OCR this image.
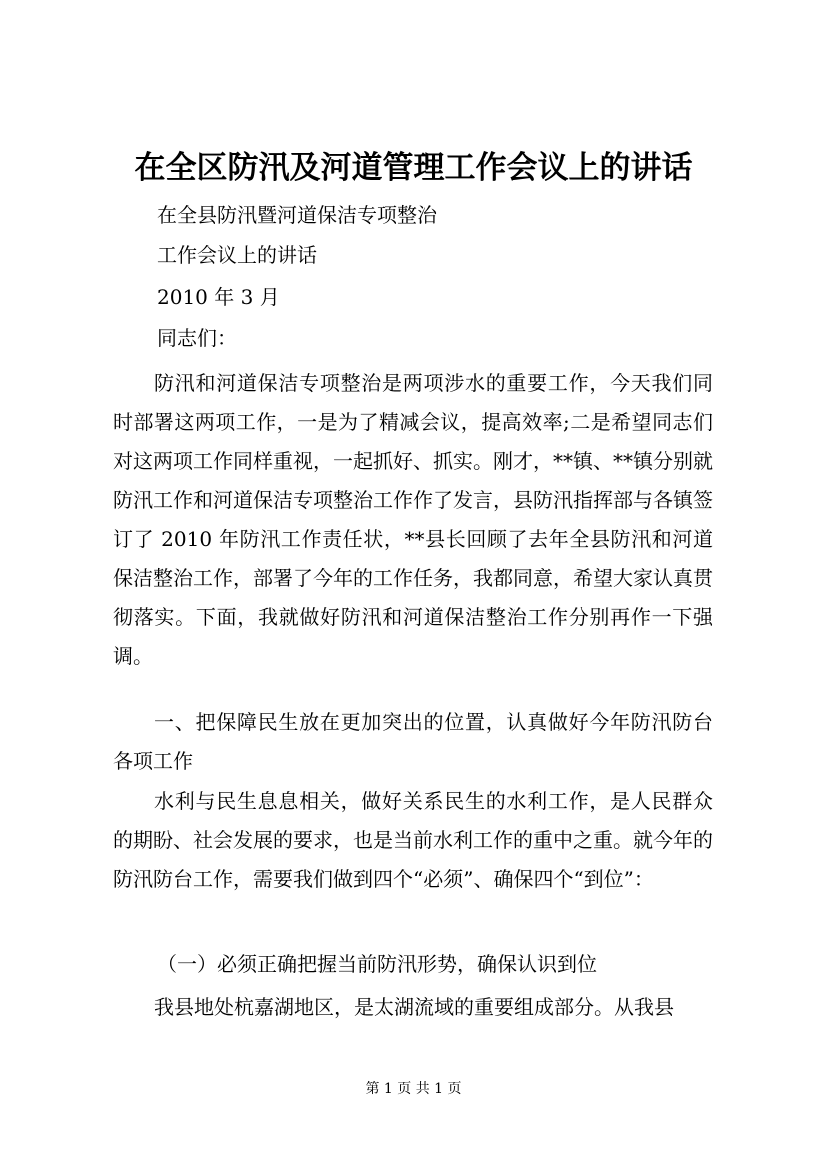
在全区防汛及河道管理工作会议上的讲话
在全县防汛暨河道保洁专项整治
工作会议上的讲话
2010 年 3 月
同志们：
防汛和河道保洁专项整治是两项涉水的重要工作，今天我们同时部署这两项工作，一是为了精减会议，提高效率;二是希望同志们对这两项工作同样重视，一起抓好、抓实。刚才，**镇、**镇分别就防汛工作和河道保洁专项整治工作作了发言，县防汛指挥部与各镇签订了 2010 年防汛工作责任状，**县长回顾了去年全县防汛和河道保洁整治工作，部署了今年的工作任务，我都同意，希望大家认真贯彻落实。下面，我就做好防汛和河道保洁整治工作分别再作一下强调。
一、把保障民生放在更加突出的位置，认真做好今年防汛防台各项工作
水利与民生息息相关，做好关系民生的水利工作，是人民群众的期盼、社会发展的要求，也是当前水利工作的重中之重。就今年的防汛防台工作，需要我们做到四个“必须”、确保四个“到位”：
（一）必须正确把握当前防汛形势，确保认识到位
我县地处杭嘉湖地区，是太湖流域的重要组成部分。从我县
第 1 页 共 1 页
